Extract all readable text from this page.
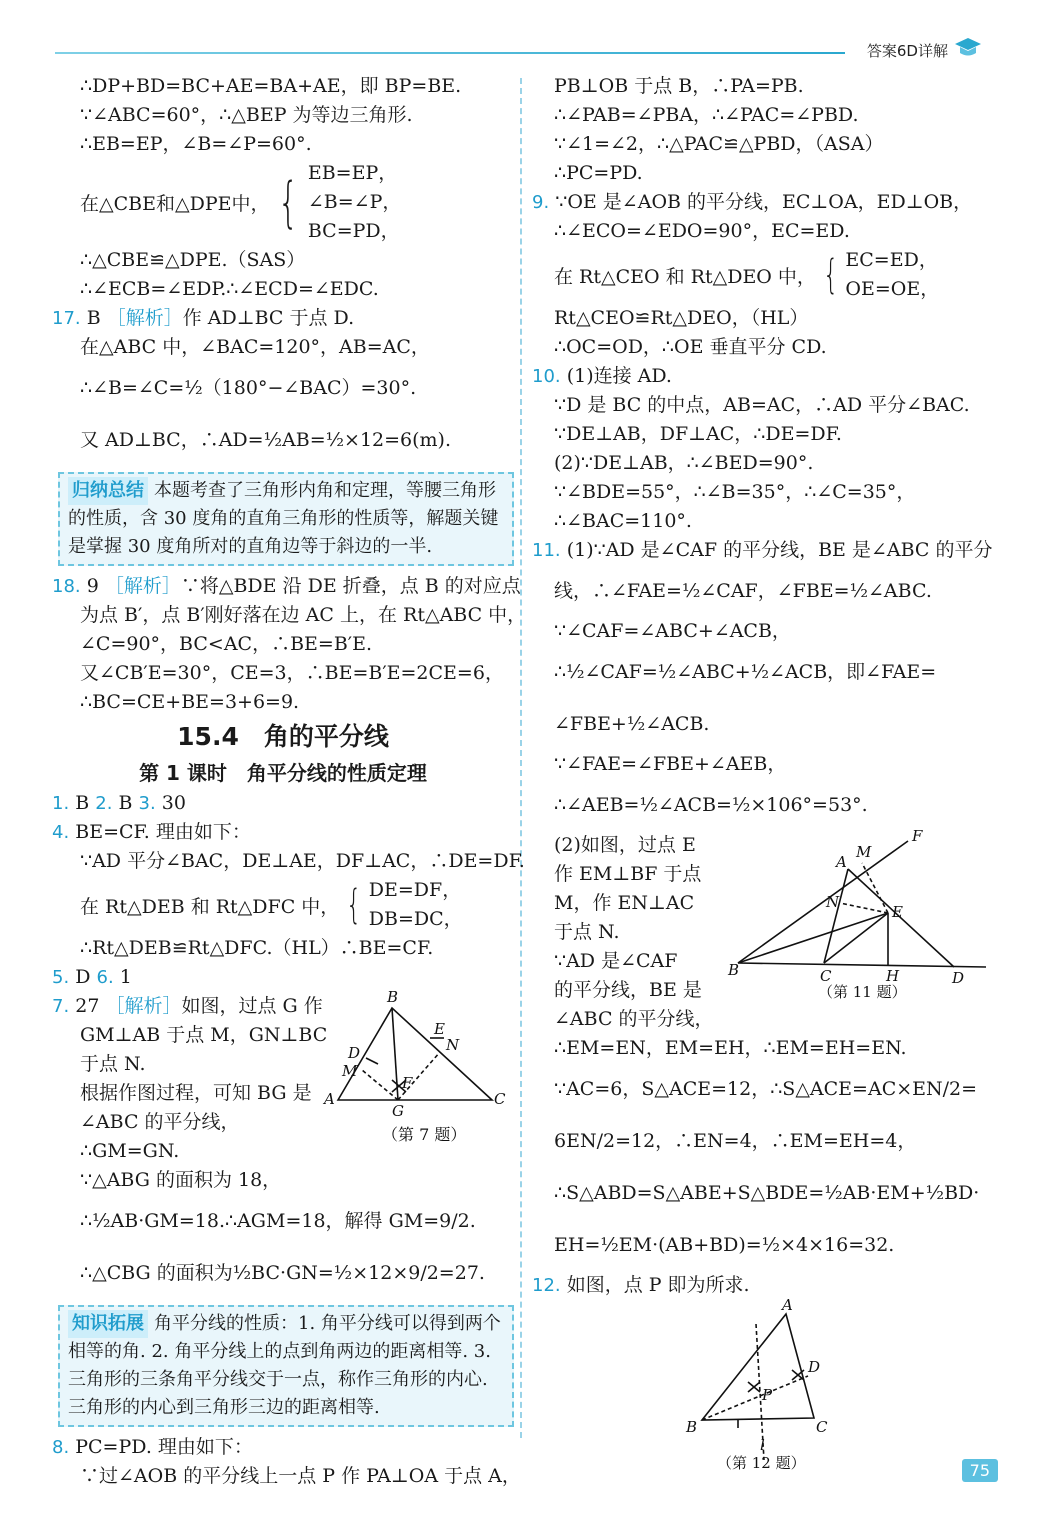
答案6D详解
∴DP+BD=BC+AE=BA+AE，即 BP=BE.
∵∠ABC=60°，∴△BEP 为等边三角形.
∴EB=EP，∠B=∠P=60°.
在△CBE和△DPE中， { EB=EP，
∠B=∠P，
BC=PD，
∴△CBE≌△DPE.（SAS）
∴∠ECB=∠EDP.∴∠ECD=∠EDC.
17. B ［解析］作 AD⊥BC 于点 D.
在△ABC 中，∠BAC=120°，AB=AC，
∴∠B=∠C=½（180°−∠BAC）=30°.
又 AD⊥BC，∴AD=½AB=½×12=6(m).
归纳总结 本题考查了三角形内角和定理，等腰三角形的性质，含 30 度角的直角三角形的性质等，解题关键是掌握 30 度角所对的直角边等于斜边的一半.
18. 9 ［解析］∵将△BDE 沿 DE 折叠，点 B 的对应点
为点 B′，点 B′刚好落在边 AC 上，在 Rt△ABC 中，
∠C=90°，BC<AC，∴BE=B′E.
又∠CB′E=30°，CE=3，∴BE=B′E=2CE=6，
∴BC=CE+BE=3+6=9.
15.4　角的平分线
第 1 课时　角平分线的性质定理
1. B 2. B 3. 30
4. BE=CF. 理由如下：
∵AD 平分∠BAC，DE⊥AE，DF⊥AC，∴DE=DF.
在 Rt△DEB 和 Rt△DFC 中， { DE=DF，
DB=DC，
∴Rt△DEB≌Rt△DFC.（HL）∴BE=CF.
5. D 6. 1
7. 27 ［解析］如图，过点 G 作
GM⊥AB 于点 M，GN⊥BC
于点 N.
根据作图过程，可知 BG 是
∠ABC 的平分线，
∴GM=GN.
∵△ABG 的面积为 18，
∴½AB·GM=18.∴AGM=18，解得 GM=9/2.
∴△CBG 的面积为½BC·GN=½×12×9/2=27.
B
A	C
D
M
G
E
N
F
（第 7 题）
知识拓展 角平分线的性质：1. 角平分线可以得到两个相等的角. 2. 角平分线上的点到角两边的距离相等. 3. 三角形的三条角平分线交于一点，称作三角形的内心. 三角形的内心到三角形三边的距离相等.
8. PC=PD. 理由如下：
∵过∠AOB 的平分线上一点 P 作 PA⊥OA 于点 A，
PB⊥OB 于点 B，∴PA=PB.
∴∠PAB=∠PBA，∴∠PAC=∠PBD.
∵∠1=∠2，∴△PAC≌△PBD，（ASA）
∴PC=PD.
9. ∵OE 是∠AOB 的平分线，EC⊥OA，ED⊥OB，
∴∠ECO=∠EDO=90°，EC=ED.
在 Rt△CEO 和 Rt△DEO 中， { EC=ED，
OE=OE，
Rt△CEO≌Rt△DEO，（HL）
∴OC=OD，∴OE 垂直平分 CD.
10. (1)连接 AD.
∵D 是 BC 的中点，AB=AC，∴AD 平分∠BAC.
∵DE⊥AB，DF⊥AC，∴DE=DF.
(2)∵DE⊥AB，∴∠BED=90°.
∵∠BDE=55°，∴∠B=35°，∴∠C=35°，
∴∠BAC=110°.
11. (1)∵AD 是∠CAF 的平分线，BE 是∠ABC 的平分
线，∴∠FAE=½∠CAF，∠FBE=½∠ABC.
∵∠CAF=∠ABC+∠ACB，
∴½∠CAF=½∠ABC+½∠ACB，即∠FAE=
∠FBE+½∠ACB.
∵∠FAE=∠FBE+∠AEB，
∴∠AEB=½∠ACB=½×106°=53°.
(2)如图，过点 E
作 EM⊥BF 于点
M，作 EN⊥AC
于点 N.
∵AD 是∠CAF
的平分线，BE 是
∠ABC 的平分线，
B	C	H	D
A
M
F
E
N
（第 11 题）
∴EM=EN，EM=EH，∴EM=EH=EN.
∵AC=6，S△ACE=12，∴S△ACE=AC×EN/2=
6EN/2=12，∴EN=4，∴EM=EH=4，
∴S△ABD=S△ABE+S△BDE=½AB·EM+½BD·
EH=½EM·(AB+BD)=½×4×16=32.
12. 如图，点 P 即为所求.
A
B	C
D
P
l
（第 12 题）	75
